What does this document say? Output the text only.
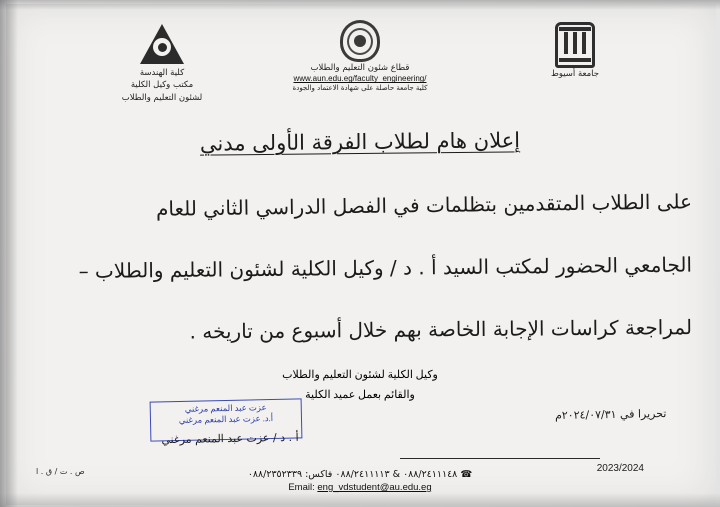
كلية الهندسة
مكتب وكيل الكلية
لشئون التعليم والطلاب
قطاع شئون التعليم والطلاب
www.aun.edu.eg/faculty_engineering/
كلية جامعة حاصلة على شهادة الاعتماد والجودة
جامعة أسيوط
إعلان هام لطلاب الفرقة الأولى مدني
على الطلاب المتقدمين بتظلمات في الفصل الدراسي الثاني للعام
الجامعي الحضور لمكتب السيد أ . د / وكيل الكلية لشئون التعليم والطلاب –
لمراجعة كراسات الإجابة الخاصة بهم خلال أسبوع من تاريخه .
وكيل الكلية لشئون التعليم والطلاب
والقائم بعمل عميد الكلية
عزت عبد المنعم مرغني
أ.د. عزت عبد المنعم مرغني
أ . د / عزت عبد المنعم مرغني
تحريرا في ٢٠٢٤/٠٧/٣١م
2023/2024
ص . ت / ق . ا	☎ ٠٨٨/٢٤١١١٤٨ & ٠٨٨/٢٤١١١١٣ فاكس: ٠٨٨/٢٣٥٢٣٣٩
Email: eng_vdstudent@au.edu.eg
